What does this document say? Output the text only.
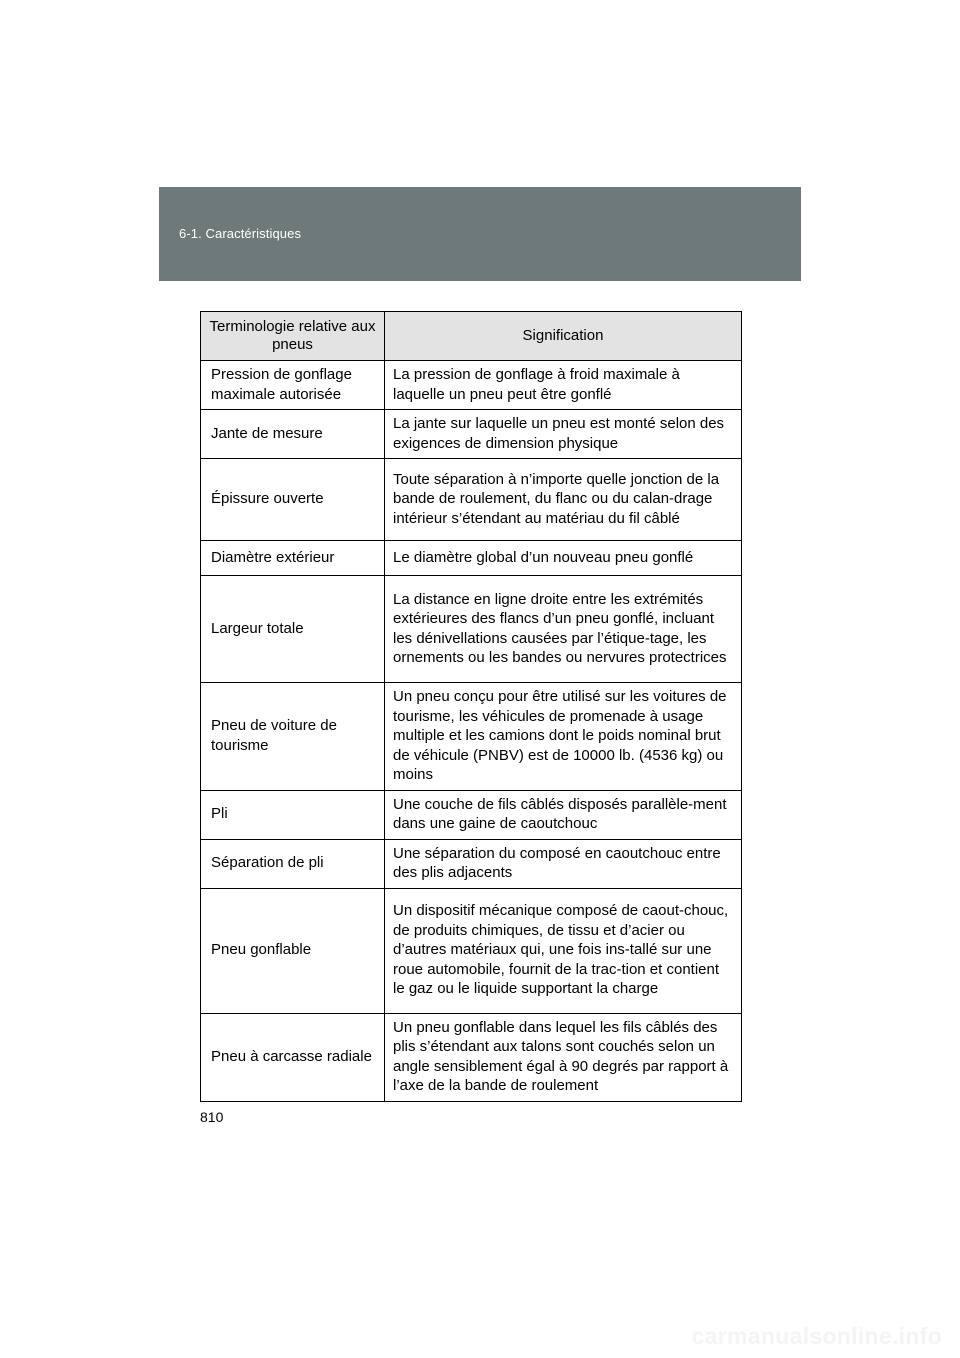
6-1. Caractéristiques
Terminologie relative aux pneus	Signification
Pression de gonflage maximale autorisée	La pression de gonflage à froid maximale à laquelle un pneu peut être gonflé
Jante de mesure	La jante sur laquelle un pneu est monté selon des exigences de dimension physique
Épissure ouverte	Toute séparation à n’importe quelle jonction de la bande de roulement, du flanc ou du calan-drage intérieur s’étendant au matériau du fil câblé
Diamètre extérieur	Le diamètre global d’un nouveau pneu gonflé
Largeur totale	La distance en ligne droite entre les extrémités extérieures des flancs d’un pneu gonflé, incluant les dénivellations causées par l’étique-tage, les ornements ou les bandes ou nervures protectrices
Pneu de voiture de tourisme	Un pneu conçu pour être utilisé sur les voitures de tourisme, les véhicules de promenade à usage multiple et les camions dont le poids nominal brut de véhicule (PNBV) est de 10000 lb. (4536 kg) ou moins
Pli	Une couche de fils câblés disposés parallèle-ment dans une gaine de caoutchouc
Séparation de pli	Une séparation du composé en caoutchouc entre des plis adjacents
Pneu gonflable	Un dispositif mécanique composé de caout-chouc, de produits chimiques, de tissu et d’acier ou d’autres matériaux qui, une fois ins-tallé sur une roue automobile, fournit de la trac-tion et contient le gaz ou le liquide supportant la charge
Pneu à carcasse radiale	Un pneu gonflable dans lequel les fils câblés des plis s’étendant aux talons sont couchés selon un angle sensiblement égal à 90 degrés par rapport à l’axe de la bande de roulement
810
carmanualsonline.info
